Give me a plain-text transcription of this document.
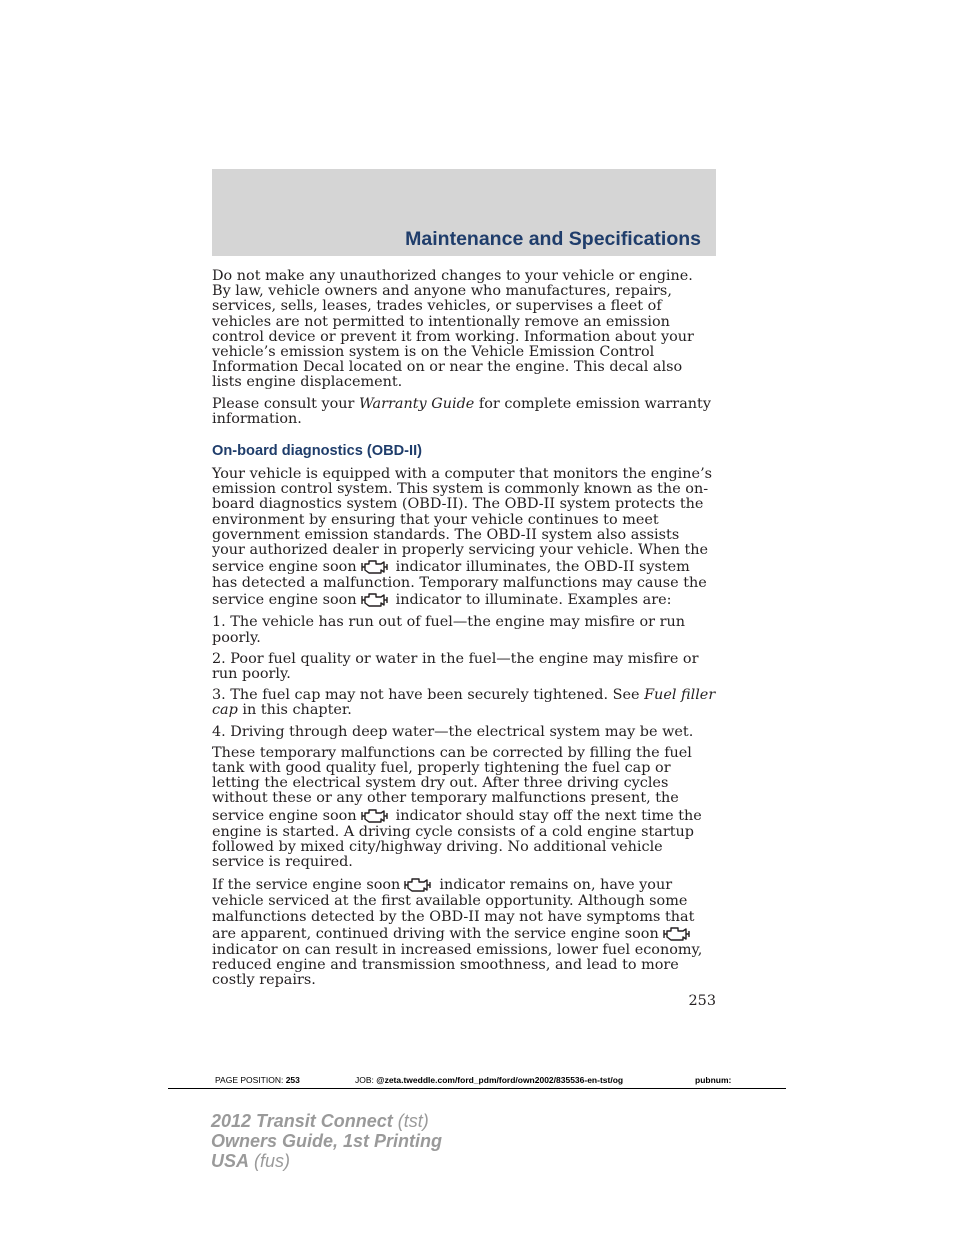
Maintenance and Specifications

Do not make any unauthorized changes to your vehicle or engine. By law, vehicle owners and anyone who manufactures, repairs, services, sells, leases, trades vehicles, or supervises a fleet of vehicles are not permitted to intentionally remove an emission control device or prevent it from working. Information about your vehicle’s emission system is on the Vehicle Emission Control Information Decal located on or near the engine. This decal also lists engine displacement.

Please consult your Warranty Guide for complete emission warranty information.

On-board diagnostics (OBD-II)

Your vehicle is equipped with a computer that monitors the engine’s emission control system. This system is commonly known as the on-board diagnostics system (OBD-II). The OBD-II system protects the environment by ensuring that your vehicle continues to meet government emission standards. The OBD-II system also assists your authorized dealer in properly servicing your vehicle. When the service engine soon	indicator illuminates, the OBD-II system has detected a malfunction. Temporary malfunctions may cause the service engine soon	indicator to illuminate. Examples are:

1. The vehicle has run out of fuel—the engine may misfire or run poorly.

2. Poor fuel quality or water in the fuel—the engine may misfire or run poorly.

3. The fuel cap may not have been securely tightened. See Fuel filler cap in this chapter.

4. Driving through deep water—the electrical system may be wet.

These temporary malfunctions can be corrected by filling the fuel tank with good quality fuel, properly tightening the fuel cap or letting the electrical system dry out. After three driving cycles without these or any other temporary malfunctions present, the service engine soon	indicator should stay off the next time the engine is started. A driving cycle consists of a cold engine startup followed by mixed city/highway driving. No additional vehicle service is required.

If the service engine soon	indicator remains on, have your vehicle serviced at the first available opportunity. Although some malfunctions detected by the OBD-II may not have symptoms that are apparent, continued driving with the service engine soon
indicator on can result in increased emissions, lower fuel economy, reduced engine and transmission smoothness, and lead to more costly repairs.

253
PAGE POSITION: 253	JOB: @zeta.tweddle.com/ford_pdm/ford/own2002/835536-en-tst/og	pubnum:
2012 Transit Connect (tst)
Owners Guide, 1st Printing
USA (fus)
